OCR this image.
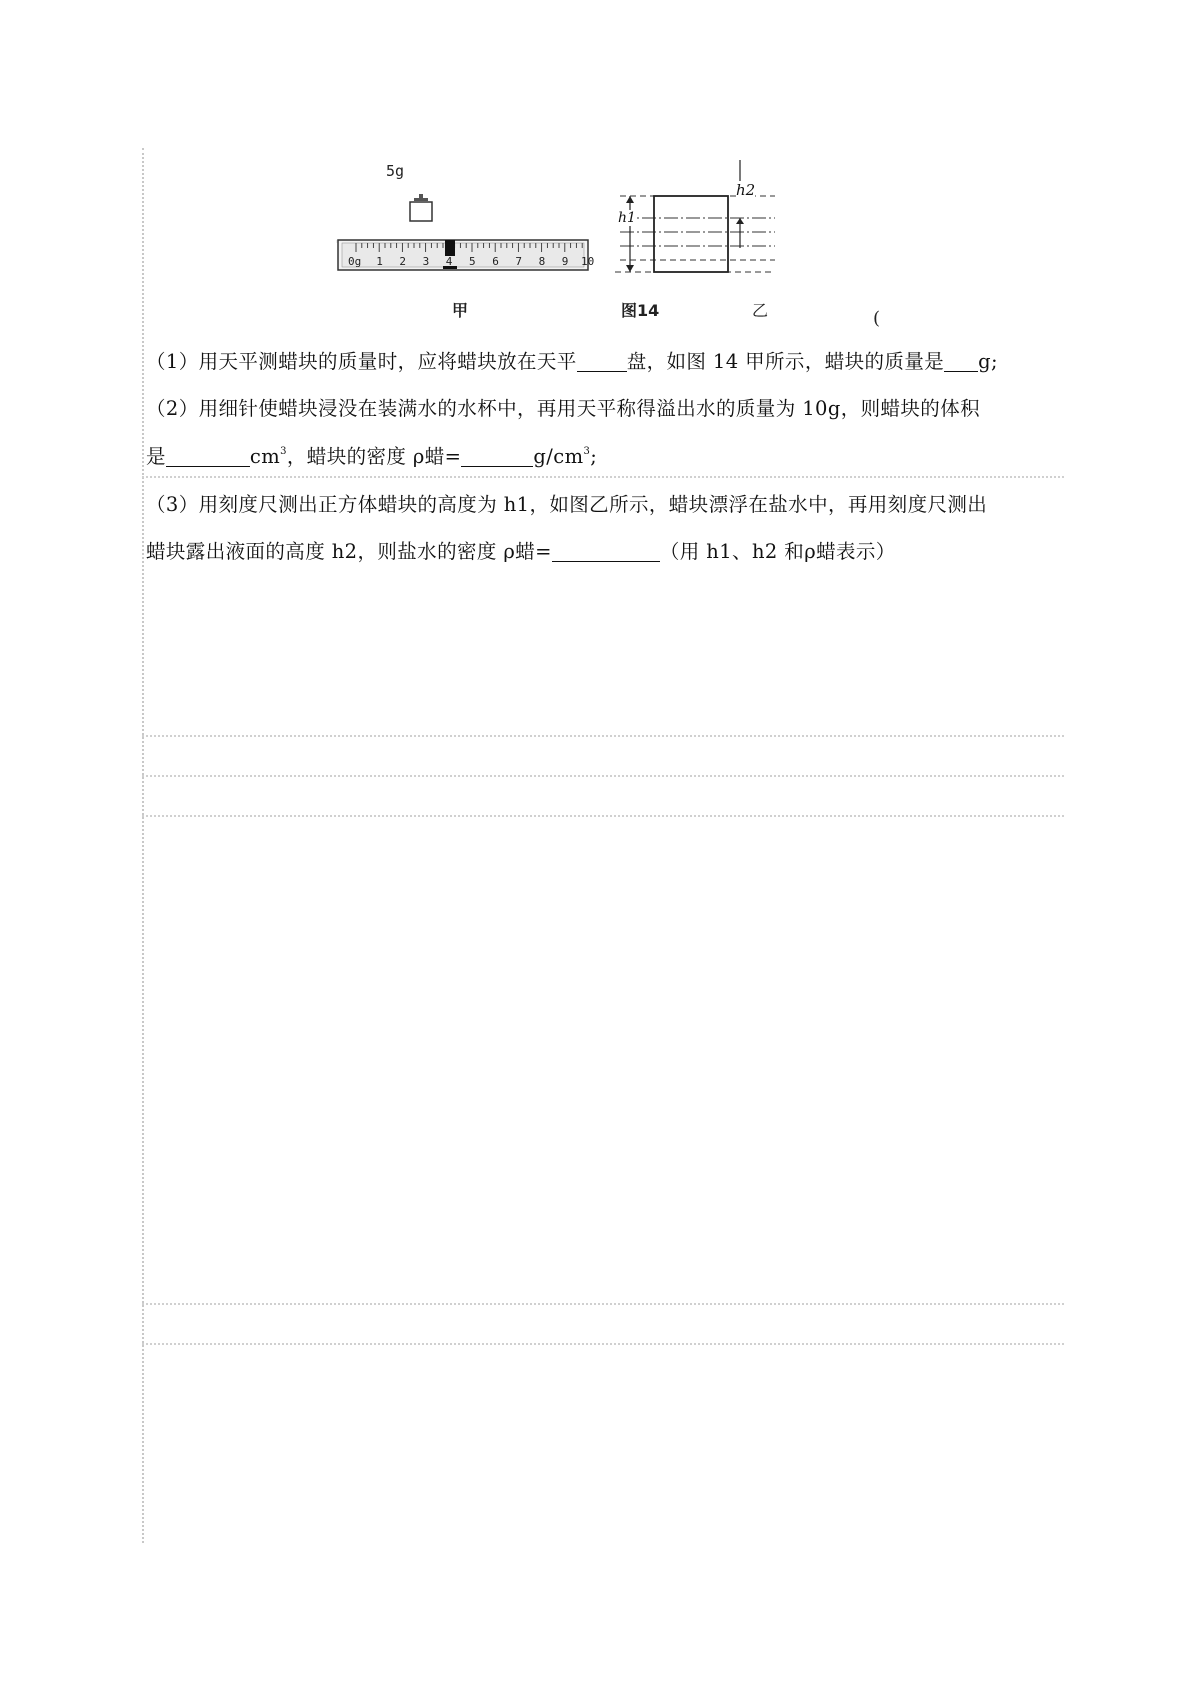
0g 1 2 3 4 5 6 7 8 9 10
5g
h2
h1
甲	图14	乙	(
（1）用天平测蜡块的质量时，应将蜡块放在天平	盘，如图 14 甲所示，蜡块的质量是 g;
（2）用细针使蜡块浸没在装满水的水杯中，再用天平称得溢出水的质量为 10g，则蜡块的体积
是	$cm^3$，蜡块的密度 ρ蜡=	$g/cm^3$;
（3）用刻度尺测出正方体蜡块的高度为 h1，如图乙所示，蜡块漂浮在盐水中，再用刻度尺测出
蜡块露出液面的高度 h2，则盐水的密度 ρ蜡=	（用 h1、h2 和ρ蜡表示）
